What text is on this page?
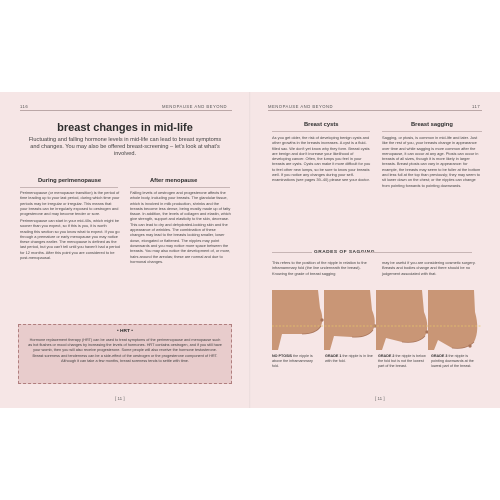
116	MENOPAUSE AND BEYOND
breast changes in mid-life
Fluctuating and falling hormone levels in mid-life can lead to breast symptoms and changes. You may also be offered breast-screening – let's look at what's involved.
During perimenopause

Perimenopause (or menopause transition) is the period of time leading up to your last period, during which time your periods may be irregular or irregular. This means that your breasts can be irregularly exposed to oestrogen and progesterone and may become tender or sore.

Perimenopause can start in your mid-40s, which might be sooner than you expect, so if this is you, it is worth reading this section so you know what to expect. If you go through a premature or early menopause you may notice these changes earlier. The menopause is defined as the last period, but you can't tell until you haven't had a period for 12 months. After this point you are considered to be post-menopausal.

After menopause

Falling levels of oestrogen and progesterone affects the whole body, including your breasts. The glandular tissue, which is involved in milk production, shrinks and the breasts become less dense, being mostly made up of fatty tissue. In addition, the levels of collagen and elastin, which give strength, support and elasticity to the skin, decrease. This can lead to dry and dehydrated-looking skin and the appearance of wrinkles. The combination of these changes may lead to the breasts looking smaller, lower down, elongated or flattened. The nipples may point downwards and you may notice more space between the breasts. You may also notice the development of, or more, hairs around the areolas; these are normal and due to hormonal changes.

• HRT •
Hormone replacement therapy (HRT) can be used to treat symptoms of the perimenopause and menopause such as hot flushes or mood changes by increasing the levels of hormones. HRT contains oestrogen, and if you still have your womb, then you will also receive progesterone. Some people will also receive the hormone testosterone. Breast soreness and tenderness can be a side-effect of the oestrogen or the progesterone component of HRT. Although it can take a few months, breast soreness tends to settle with time.
[ 11 ]
MENOPAUSE AND BEYOND	117
Breast cysts
As you get older, the risk of developing benign cysts and other growths in the breasts increases. A cyst is a fluid-filled sac. We don't yet know why they form. Breast cysts are benign and don't increase your likelihood of developing cancer. Often, the lumps you feel in your breasts are cysts. Cysts can make it more difficult for you to feel other new lumps, so be sure to know your breasts well. If you notice any changes during your self-examinations (see pages 39–40) please see your doctor.
Breast sagging
Sagging, or ptosis, is common in mid-life and later. Just like the rest of you, your breasts change in appearance over time and while sagging is more common after the menopause, it can occur at any age. Ptosis can occur in breasts of all sizes, though it is more likely in larger breasts. Breast ptosis can vary in appearance: for example, the breasts may seem to be fuller at the bottom and less full at the top than previously; they may seem to sit lower down on the chest; or the nipples can change from pointing forwards to pointing downwards.
GRADES OF SAGGING
This refers to the position of the nipple in relation to the inframammary fold (the line underneath the breast). Knowing the grade of breast sagging
may be useful if you are considering cosmetic surgery. Breasts and bodies change and there should be no judgement associated with that.
NO PTOSIS the nipple is above the inframammary fold.
GRADE 1 the nipple is in line with the fold.
GRADE 2 the nipple is below the fold but is not the lowest part of the breast.
GRADE 3 the nipple is pointing downwards at the lowest part of the breast.
[ 11 ]
